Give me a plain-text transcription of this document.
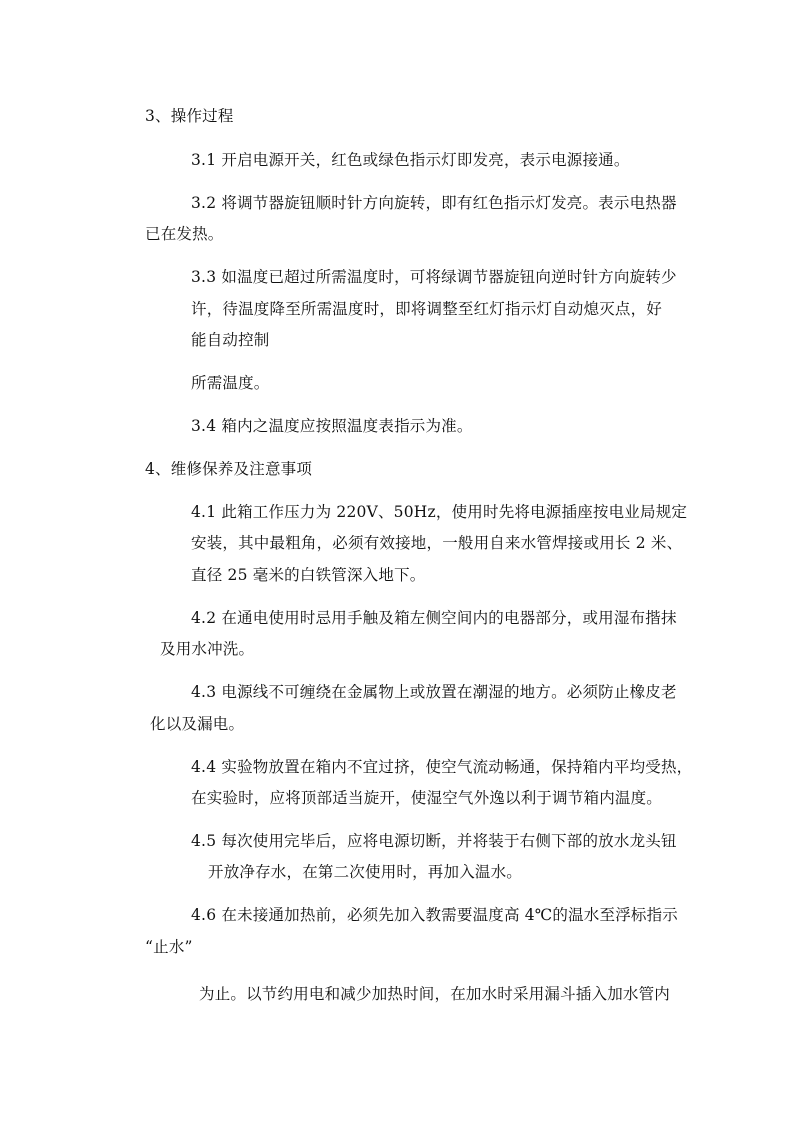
3、操作过程
3.1 开启电源开关，红色或绿色指示灯即发亮，表示电源接通。
3.2 将调节器旋钮顺时针方向旋转，即有红色指示灯发亮。表示电热器
已在发热。
3.3 如温度已超过所需温度时，可将绿调节器旋钮向逆时针方向旋转少
许，待温度降至所需温度时，即将调整至红灯指示灯自动熄灭点，好
能自动控制
所需温度。
3.4 箱内之温度应按照温度表指示为准。
4、维修保养及注意事项
4.1 此箱工作压力为 220V、50Hz，使用时先将电源插座按电业局规定
安装，其中最粗角，必须有效接地，一般用自来水管焊接或用长 2 米、
直径 25 毫米的白铁管深入地下。
4.2 在通电使用时忌用手触及箱左侧空间内的电器部分，或用湿布揩抹
及用水冲洗。
4.3 电源线不可缠绕在金属物上或放置在潮湿的地方。必须防止橡皮老
化以及漏电。
4.4 实验物放置在箱内不宜过挤，使空气流动畅通，保持箱内平均受热，
在实验时，应将顶部适当旋开，使湿空气外逸以利于调节箱内温度。
4.5 每次使用完毕后，应将电源切断，并将装于右侧下部的放水龙头钮
开放净存水，在第二次使用时，再加入温水。
4.6 在未接通加热前，必须先加入教需要温度高 4℃的温水至浮标指示
“止水”
为止。以节约用电和减少加热时间，在加水时采用漏斗插入加水管内
